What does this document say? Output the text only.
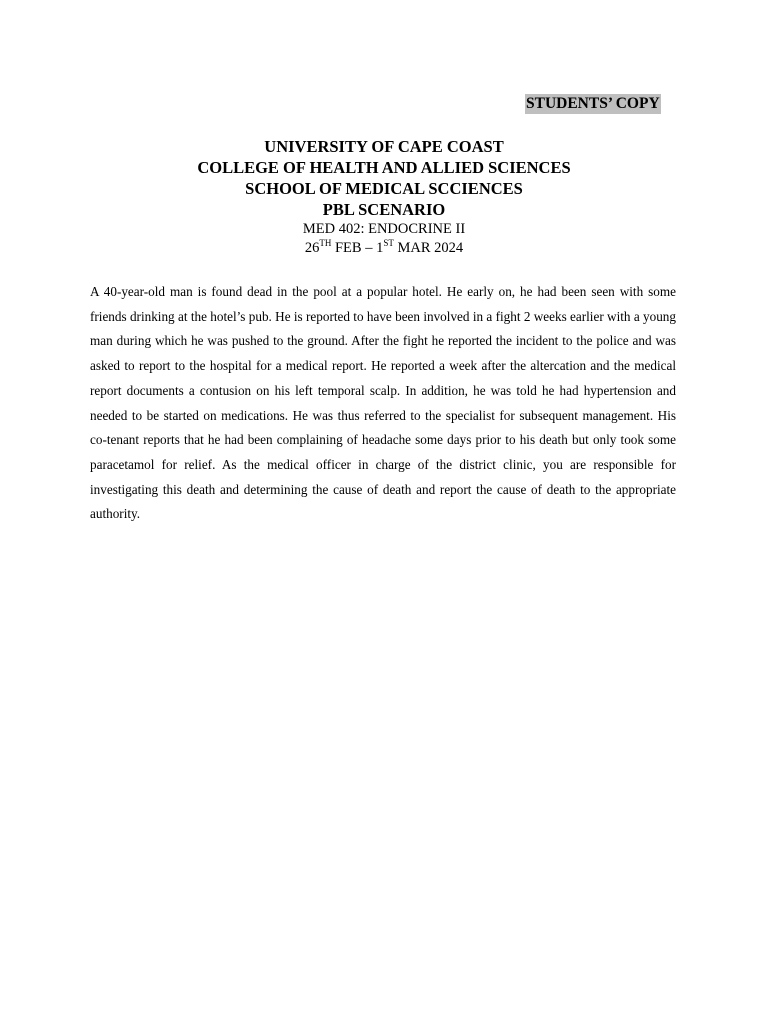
STUDENTS’ COPY
UNIVERSITY OF CAPE COAST
COLLEGE OF HEALTH AND ALLIED SCIENCES
SCHOOL OF MEDICAL SCCIENCES
PBL SCENARIO
MED 402: ENDOCRINE II
26TH FEB – 1ST MAR 2024

A 40-year-old man is found dead in the pool at a popular hotel. He early on, he had been seen with some friends drinking at the hotel’s pub. He is reported to have been involved in a fight 2 weeks earlier with a young man during which he was pushed to the ground. After the fight he reported the incident to the police and was asked to report to the hospital for a medical report. He reported a week after the altercation and the medical report documents a contusion on his left temporal scalp. In addition, he was told he had hypertension and needed to be started on medications. He was thus referred to the specialist for subsequent management. His co-tenant reports that he had been complaining of headache some days prior to his death but only took some paracetamol for relief. As the medical officer in charge of the district clinic, you are responsible for investigating this death and determining the cause of death and report the cause of death to the appropriate authority.
